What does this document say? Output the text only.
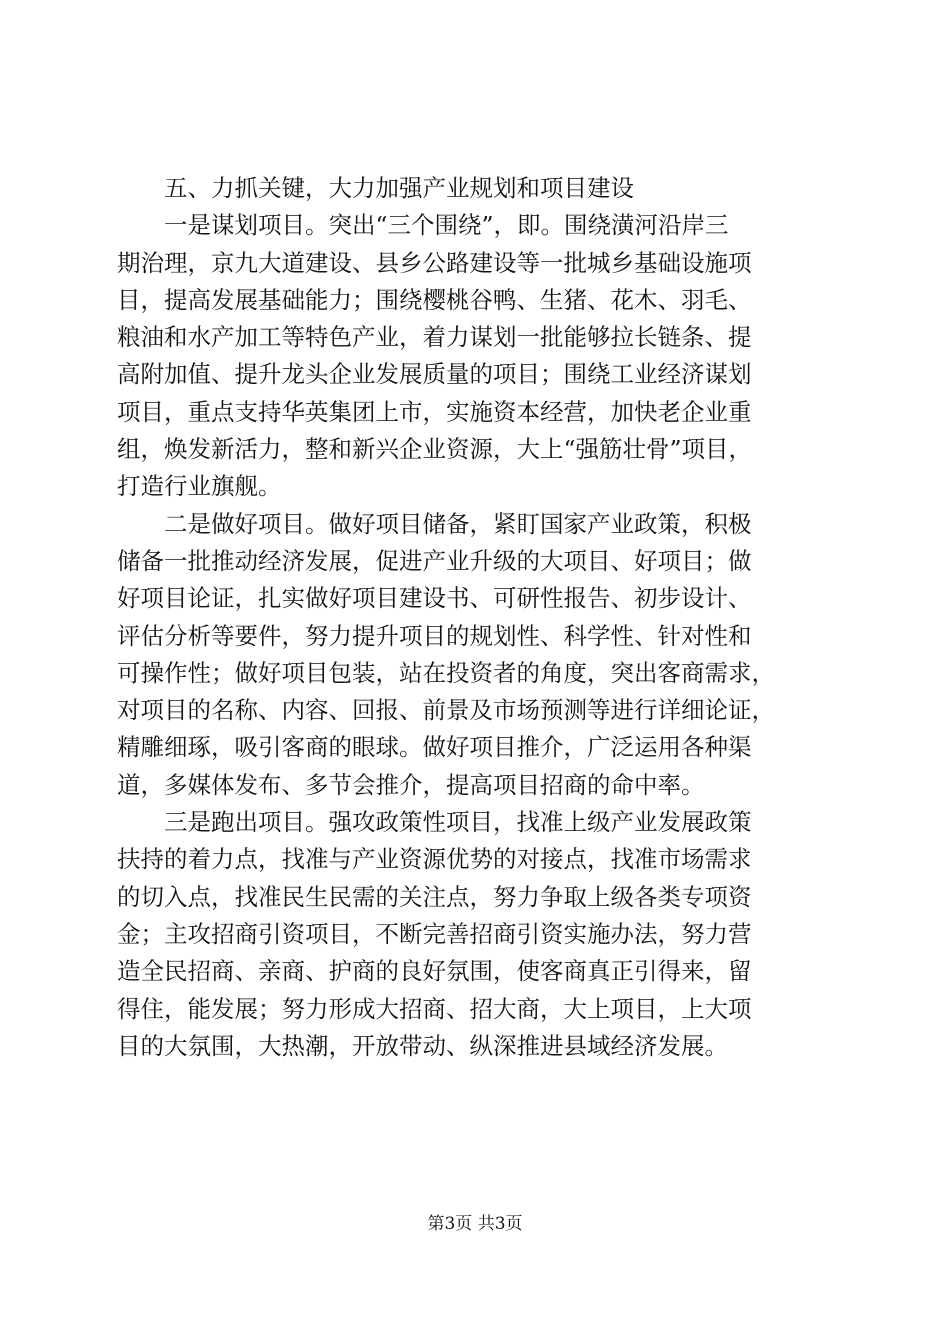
五、力抓关键，大力加强产业规划和项目建设
一是谋划项目。突出“三个围绕”，即。围绕潢河沿岸三
期治理，京九大道建设、县乡公路建设等一批城乡基础设施项
目，提高发展基础能力；围绕樱桃谷鸭、生猪、花木、羽毛、
粮油和水产加工等特色产业，着力谋划一批能够拉长链条、提
高附加值、提升龙头企业发展质量的项目；围绕工业经济谋划
项目，重点支持华英集团上市，实施资本经营，加快老企业重
组，焕发新活力，整和新兴企业资源，大上“强筋壮骨”项目，
打造行业旗舰。
二是做好项目。做好项目储备，紧盯国家产业政策，积极
储备一批推动经济发展，促进产业升级的大项目、好项目；做
好项目论证，扎实做好项目建设书、可研性报告、初步设计、
评估分析等要件，努力提升项目的规划性、科学性、针对性和
可操作性；做好项目包装，站在投资者的角度，突出客商需求，
对项目的名称、内容、回报、前景及市场预测等进行详细论证，
精雕细琢，吸引客商的眼球。做好项目推介，广泛运用各种渠
道，多媒体发布、多节会推介，提高项目招商的命中率。
三是跑出项目。强攻政策性项目，找准上级产业发展政策
扶持的着力点，找准与产业资源优势的对接点，找准市场需求
的切入点，找准民生民需的关注点，努力争取上级各类专项资
金；主攻招商引资项目，不断完善招商引资实施办法，努力营
造全民招商、亲商、护商的良好氛围，使客商真正引得来，留
得住，能发展；努力形成大招商、招大商，大上项目，上大项
目的大氛围，大热潮，开放带动、纵深推进县域经济发展。
第3页 共3页
